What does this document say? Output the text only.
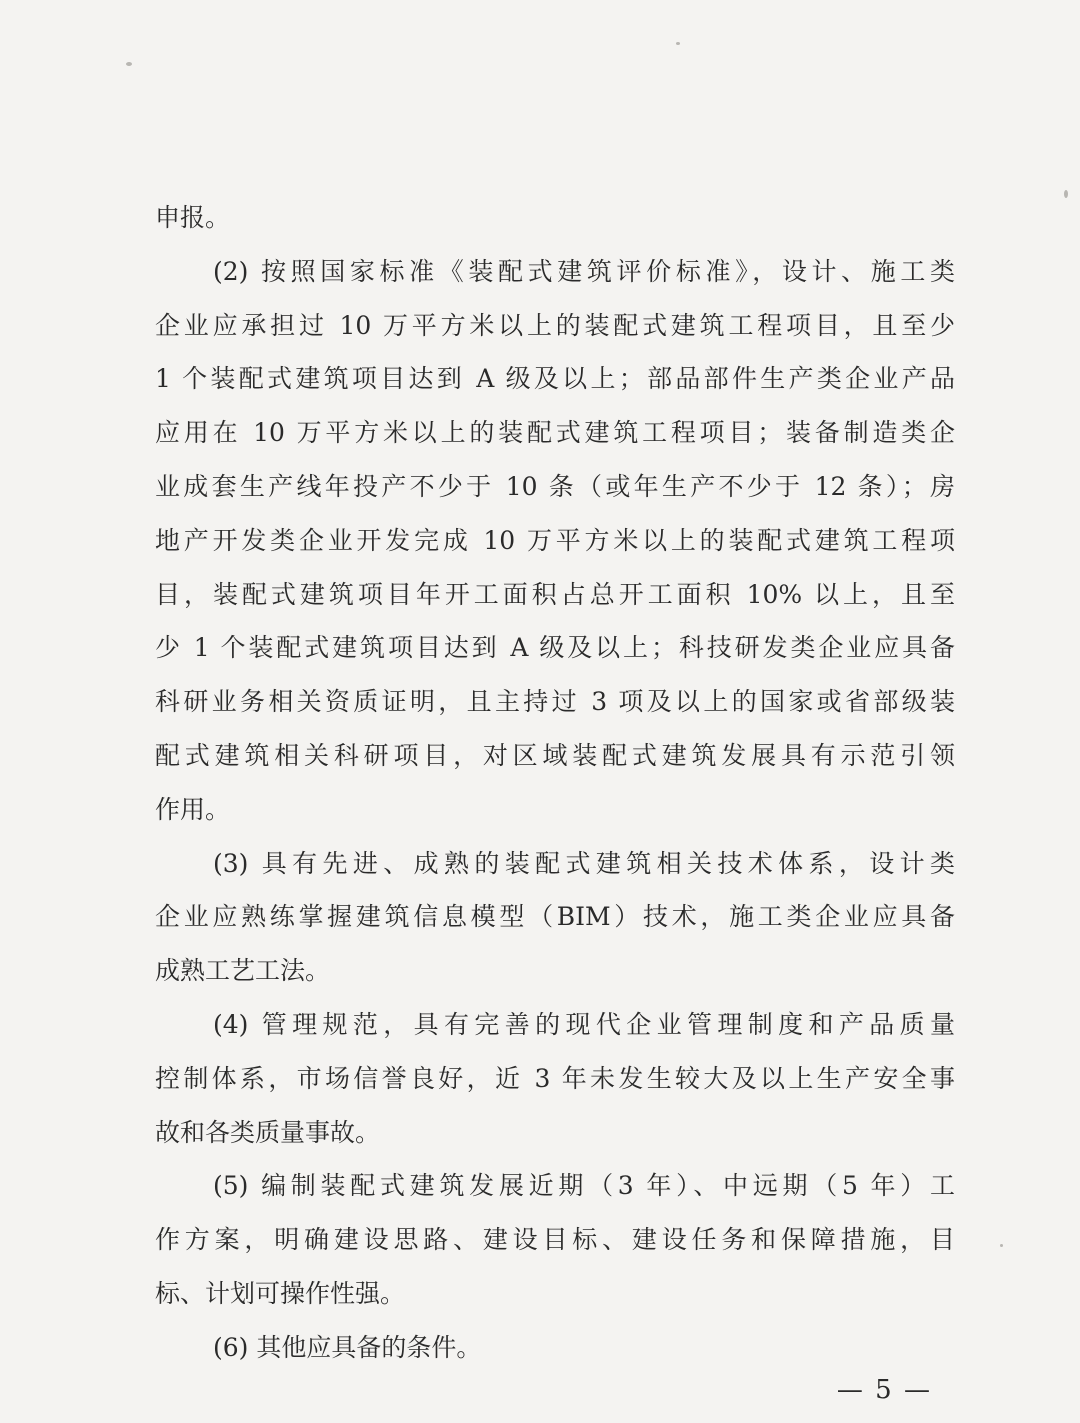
申报。
(2) 按照国家标准《装配式建筑评价标准》，设计、施工类
企业应承担过 10 万平方米以上的装配式建筑工程项目，且至少
1 个装配式建筑项目达到 A 级及以上；部品部件生产类企业产品
应用在 10 万平方米以上的装配式建筑工程项目；装备制造类企
业成套生产线年投产不少于 10 条（或年生产不少于 12 条）；房
地产开发类企业开发完成 10 万平方米以上的装配式建筑工程项
目，装配式建筑项目年开工面积占总开工面积 10% 以上，且至
少 1 个装配式建筑项目达到 A 级及以上；科技研发类企业应具备
科研业务相关资质证明，且主持过 3 项及以上的国家或省部级装
配式建筑相关科研项目，对区域装配式建筑发展具有示范引领
作用。
(3) 具有先进、成熟的装配式建筑相关技术体系，设计类
企业应熟练掌握建筑信息模型（BIM）技术，施工类企业应具备
成熟工艺工法。
(4) 管理规范，具有完善的现代企业管理制度和产品质量
控制体系，市场信誉良好，近 3 年未发生较大及以上生产安全事
故和各类质量事故。
(5) 编制装配式建筑发展近期（3 年）、中远期（5 年）工
作方案，明确建设思路、建设目标、建设任务和保障措施，目
标、计划可操作性强。
(6) 其他应具备的条件。
— 5 —
